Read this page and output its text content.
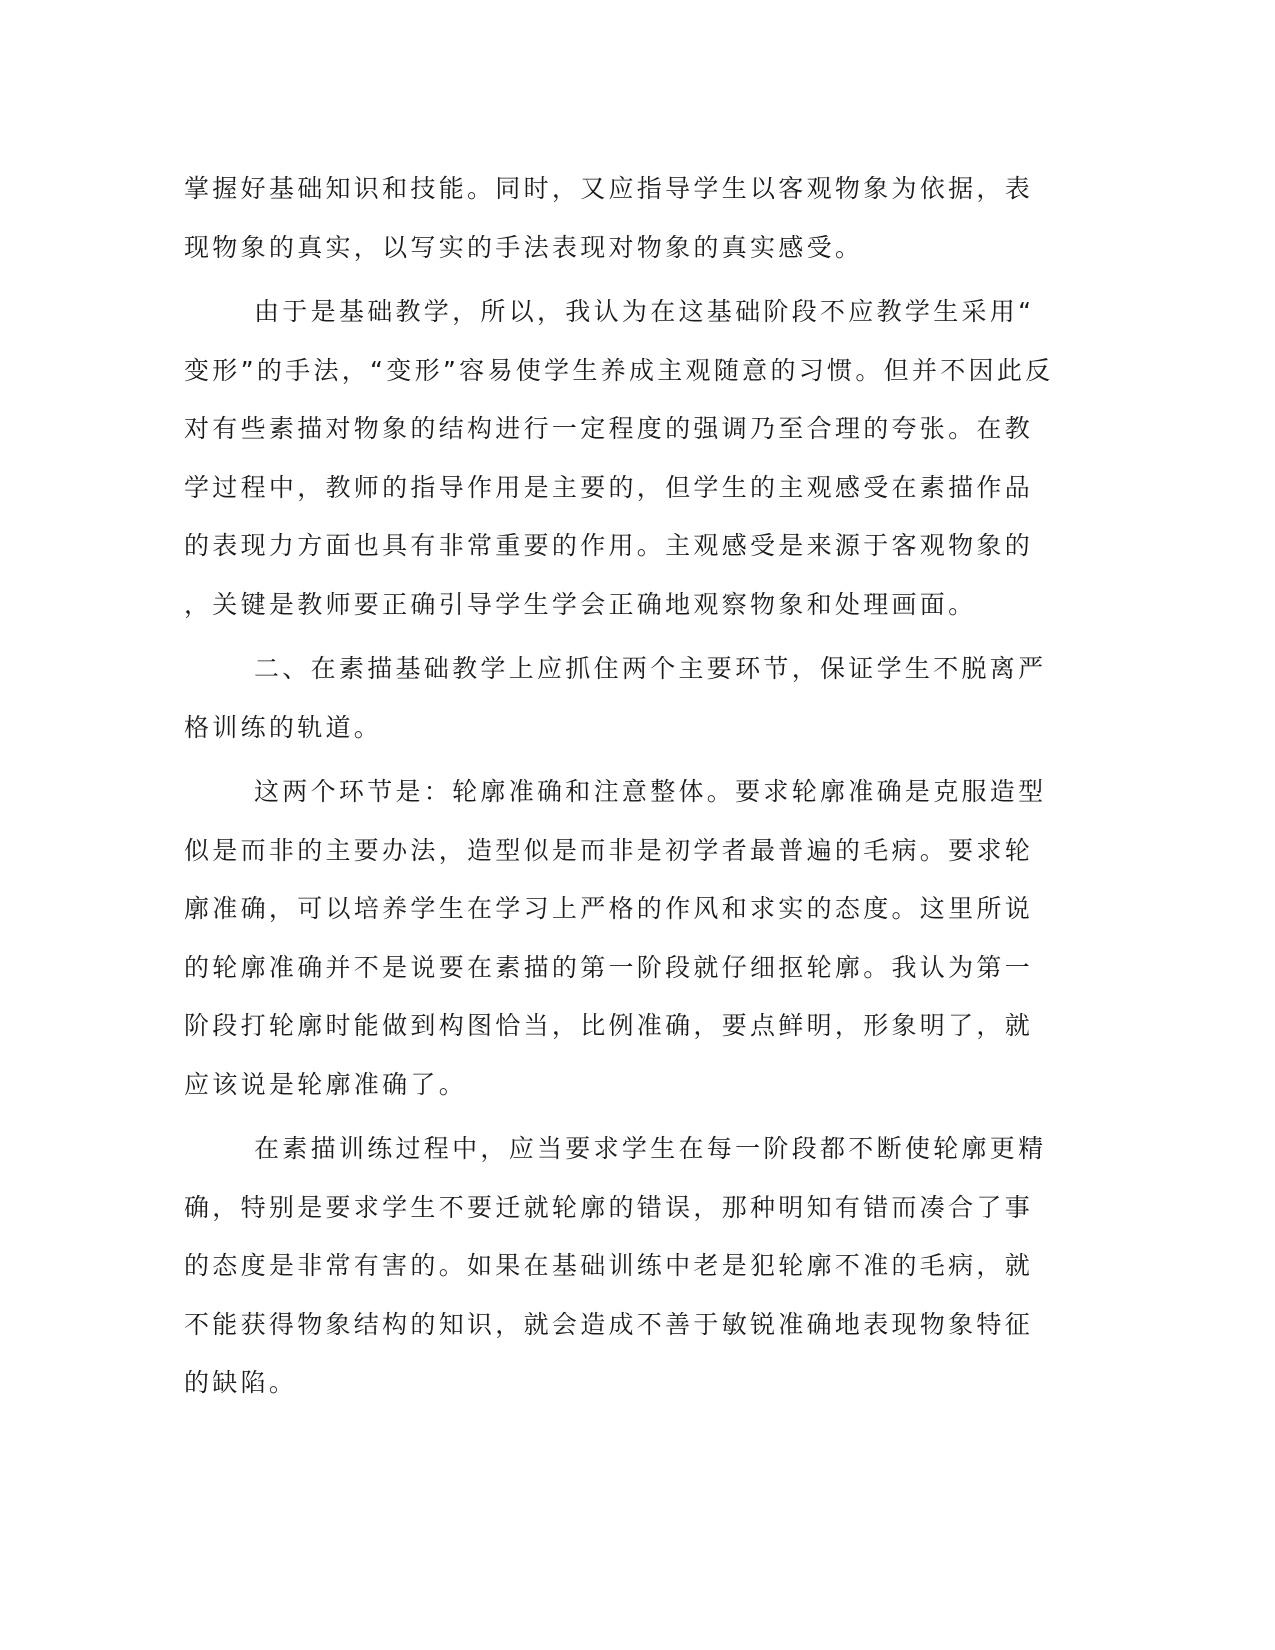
掌握好基础知识和技能。同时，又应指导学生以客观物象为依据，表
现物象的真实，以写实的手法表现对物象的真实感受。
由于是基础教学，所以，我认为在这基础阶段不应教学生采用“
变形”的手法，“变形”容易使学生养成主观随意的习惯。但并不因此反
对有些素描对物象的结构进行一定程度的强调乃至合理的夸张。在教
学过程中，教师的指导作用是主要的，但学生的主观感受在素描作品
的表现力方面也具有非常重要的作用。主观感受是来源于客观物象的
，关键是教师要正确引导学生学会正确地观察物象和处理画面。
二、在素描基础教学上应抓住两个主要环节，保证学生不脱离严
格训练的轨道。
这两个环节是：轮廓准确和注意整体。要求轮廓准确是克服造型
似是而非的主要办法，造型似是而非是初学者最普遍的毛病。要求轮
廓准确，可以培养学生在学习上严格的作风和求实的态度。这里所说
的轮廓准确并不是说要在素描的第一阶段就仔细抠轮廓。我认为第一
阶段打轮廓时能做到构图恰当，比例准确，要点鲜明，形象明了，就
应该说是轮廓准确了。
在素描训练过程中，应当要求学生在每一阶段都不断使轮廓更精
确，特别是要求学生不要迁就轮廓的错误，那种明知有错而凑合了事
的态度是非常有害的。如果在基础训练中老是犯轮廓不准的毛病，就
不能获得物象结构的知识，就会造成不善于敏锐准确地表现物象特征
的缺陷。
